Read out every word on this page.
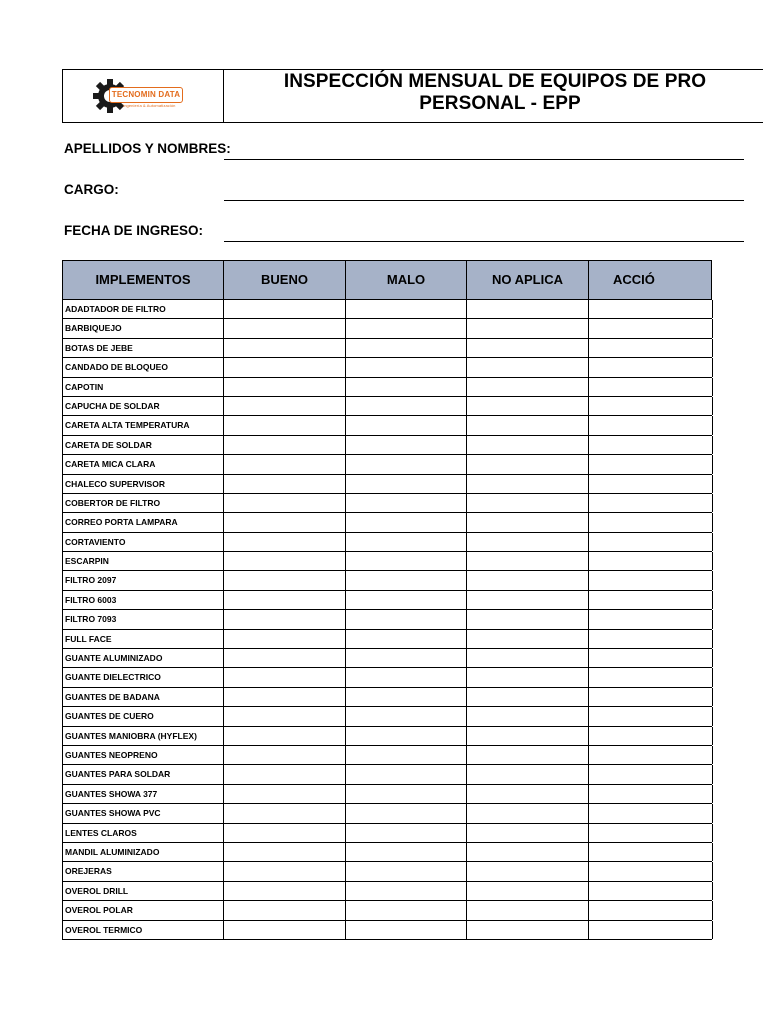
TECNOMIN DATA
Ingeniería & Automatización
INSPECCIÓN MENSUAL DE EQUIPOS DE PRO
PERSONAL - EPP
APELLIDOS Y NOMBRES:
CARGO:
FECHA DE INGRESO:
ADADTADOR DE FILTRO
BARBIQUEJO
BOTAS DE JEBE
CANDADO DE BLOQUEO
CAPOTIN
CAPUCHA DE SOLDAR
CARETA ALTA TEMPERATURA
CARETA DE SOLDAR
CARETA MICA CLARA
CHALECO SUPERVISOR
COBERTOR DE FILTRO
CORREO PORTA LAMPARA
CORTAVIENTO
ESCARPIN
FILTRO 2097
FILTRO 6003
FILTRO 7093
FULL FACE
GUANTE ALUMINIZADO
GUANTE DIELECTRICO
GUANTES DE BADANA
GUANTES DE CUERO
GUANTES MANIOBRA (HYFLEX)
GUANTES NEOPRENO
GUANTES PARA SOLDAR
GUANTES SHOWA 377
GUANTES SHOWA PVC
LENTES CLAROS
MANDIL ALUMINIZADO
OREJERAS
OVEROL DRILL
OVEROL POLAR
OVEROL TERMICO
IMPLEMENTOS	BUENO	MALO	NO APLICA	ACCIÓ
